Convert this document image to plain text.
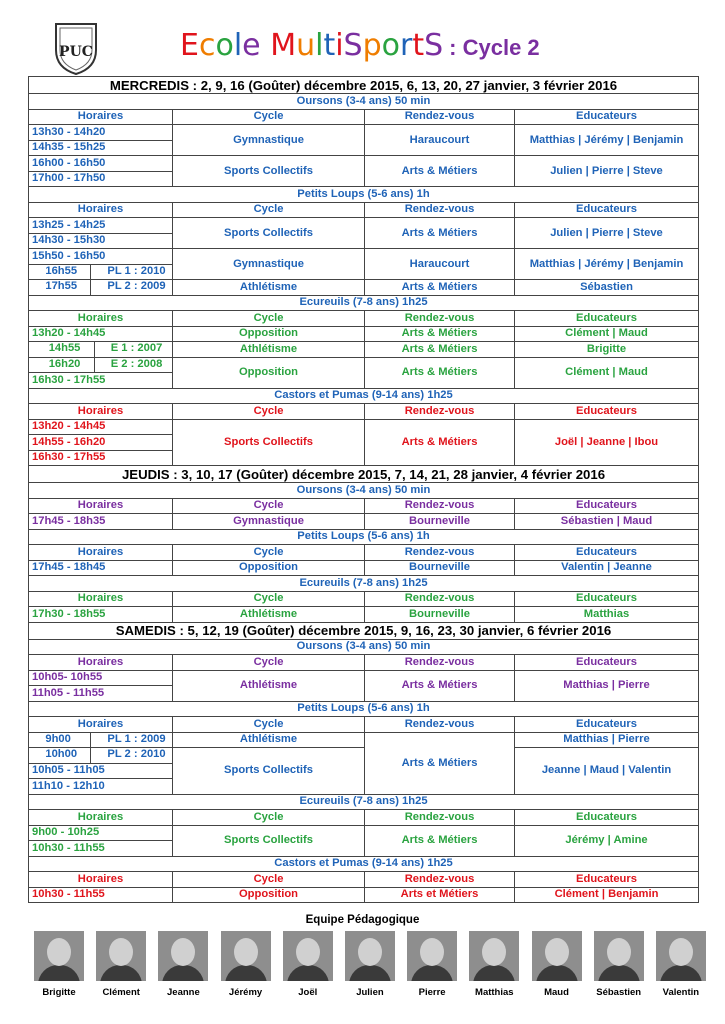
PUC	Ecole MultiSportS : Cycle 2
MERCREDIS : 2, 9, 16 (Goûter) décembre 2015, 6, 13, 20, 27 janvier, 3 février 2016			
Oursons (3-4 ans) 50 min			
Horaires	Cycle	Rendez-vous	Educateurs
13h30 - 14h20	Gymnastique	Haraucourt	Matthias | Jérémy | Benjamin
14h35 - 15h25			
16h00 - 16h50	Sports Collectifs	Arts & Métiers	Julien | Pierre | Steve
17h00 - 17h50			
Petits Loups (5-6 ans) 1h			
Horaires	Cycle	Rendez-vous	Educateurs
13h25 - 14h25	Sports Collectifs	Arts & Métiers	Julien | Pierre | Steve
14h30 - 15h30			
15h50 - 16h50	Gymnastique	Haraucourt	Matthias | Jérémy | Benjamin
16h55 PL 1 : 2010			
17h55 PL 2 : 2009	Athlétisme	Arts & Métiers	Sébastien
Ecureuils (7-8 ans) 1h25			
Horaires	Cycle	Rendez-vous	Educateurs
13h20 - 14h45	Opposition	Arts & Métiers	Clément | Maud
14h55 E 1 : 2007	Athlétisme	Arts & Métiers	Brigitte
16h20 E 2 : 2008	Opposition	Arts & Métiers	Clément | Maud
16h30 - 17h55			
Castors et Pumas (9-14 ans) 1h25			
Horaires	Cycle	Rendez-vous	Educateurs
13h20 - 14h45	Sports Collectifs	Arts & Métiers	Joël | Jeanne | Ibou
14h55 - 16h20			
16h30 - 17h55			
JEUDIS : 3, 10, 17 (Goûter) décembre 2015, 7, 14, 21, 28 janvier, 4 février 2016			
Oursons (3-4 ans) 50 min			
Horaires	Cycle	Rendez-vous	Educateurs
17h45 - 18h35	Gymnastique	Bourneville	Sébastien | Maud
Petits Loups (5-6 ans) 1h			
Horaires	Cycle	Rendez-vous	Educateurs
17h45 - 18h45	Opposition	Bourneville	Valentin | Jeanne
Ecureuils (7-8 ans) 1h25			
Horaires	Cycle	Rendez-vous	Educateurs
17h30 - 18h55	Athlétisme	Bourneville	Matthias
SAMEDIS : 5, 12, 19 (Goûter) décembre 2015, 9, 16, 23, 30 janvier, 6 février 2016			
Oursons (3-4 ans) 50 min			
Horaires	Cycle	Rendez-vous	Educateurs
10h05- 10h55	Athlétisme	Arts & Métiers	Matthias | Pierre
11h05 - 11h55			
Petits Loups (5-6 ans) 1h			
Horaires	Cycle	Rendez-vous	Educateurs
9h00 PL 1 : 2009	Athlétisme	Arts & Métiers	Matthias | Pierre
10h00 PL 2 : 2010	Sports Collectifs		Jeanne | Maud | Valentin
10h05 - 11h05			
11h10 - 12h10			
Ecureuils (7-8 ans) 1h25			
Horaires	Cycle	Rendez-vous	Educateurs
9h00 - 10h25	Sports Collectifs	Arts & Métiers	Jérémy | Amine
10h30 - 11h55			
Castors et Pumas (9-14 ans) 1h25			
Horaires	Cycle	Rendez-vous	Educateurs
10h30 - 11h55	Opposition	Arts et Métiers	Clément | Benjamin
Equipe Pédagogique
Brigitte	Clément	Jeanne	Jérémy	Joël	Julien	Pierre	Matthias	Maud	Sébastien	Valentin
